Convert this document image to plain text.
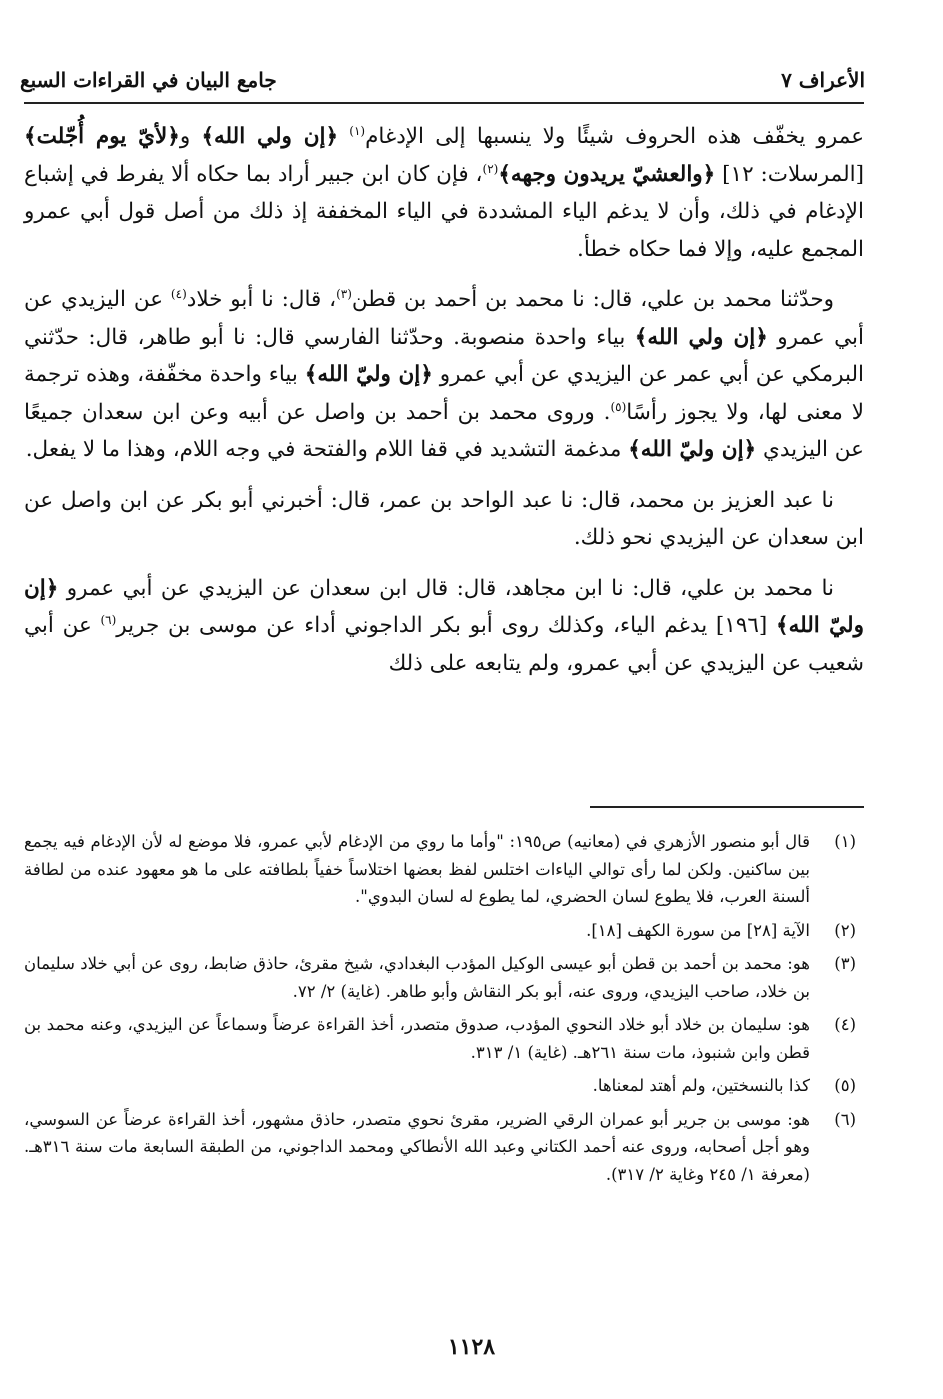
الأعراف ٧
جامع البيان في القراءات السبع

عمرو يخفّف هذه الحروف شيئًا ولا ينسبها إلى الإدغام$^{(١)}$ ﴿إن ولي الله﴾ و﴿لأيّ يوم أُجّلت﴾ [المرسلات: ١٢] ﴿والعشيّ يريدون وجهه﴾$^{(٢)}$، فإن كان ابن جبير أراد بما حكاه ألا يفرط في إشباع الإدغام في ذلك، وأن لا يدغم الياء المشددة في الياء المخففة إذ ذلك من أصل قول أبي عمرو المجمع عليه، وإلا فما حكاه خطأ.

وحدّثنا محمد بن علي، قال: نا محمد بن أحمد بن قطن$^{(٣)}$، قال: نا أبو خلاد$^{(٤)}$ عن اليزيدي عن أبي عمرو ﴿إن ولي الله﴾ بياء واحدة منصوبة. وحدّثنا الفارسي قال: نا أبو طاهر، قال: حدّثني البرمكي عن أبي عمر عن اليزيدي عن أبي عمرو ﴿إن وليّ الله﴾ بياء واحدة مخفّفة، وهذه ترجمة لا معنى لها، ولا يجوز رأسًا$^{(٥)}$. وروى محمد بن أحمد بن واصل عن أبيه وعن ابن سعدان جميعًا عن اليزيدي ﴿إن وليّ الله﴾ مدغمة التشديد في قفا اللام والفتحة في وجه اللام، وهذا ما لا يفعل.

نا عبد العزيز بن محمد، قال: نا عبد الواحد بن عمر، قال: أخبرني أبو بكر عن ابن واصل عن ابن سعدان عن اليزيدي نحو ذلك.

نا محمد بن علي، قال: نا ابن مجاهد، قال: قال ابن سعدان عن اليزيدي عن أبي عمرو ﴿إن وليّ الله﴾ [١٩٦] يدغم الياء، وكذلك روى أبو بكر الداجوني أداء عن موسى بن جرير$^{(٦)}$ عن أبي شعيب عن اليزيدي عن أبي عمرو، ولم يتابعه على ذلك

(١)
قال أبو منصور الأزهري في (معانيه) ص١٩٥: "وأما ما روي من الإدغام لأبي عمرو، فلا موضع له لأن الإدغام فيه يجمع بين ساكنين. ولكن لما رأى توالي الياءات اختلس لفظ بعضها اختلاساً خفياً بلطافته على ما هو معهود عنده من لطافة ألسنة العرب، فلا يطوع لسان الحضري، لما يطوع له لسان البدوي".
(٢)
الآية [٢٨] من سورة الكهف [١٨].
(٣)
هو: محمد بن أحمد بن قطن أبو عيسى الوكيل المؤدب البغدادي، شيخ مقرئ، حاذق ضابط، روى عن أبي خلاد سليمان بن خلاد، صاحب اليزيدي، وروى عنه، أبو بكر النقاش وأبو طاهر. (غاية) ٢/ ٧٢.
(٤)
هو: سليمان بن خلاد أبو خلاد النحوي المؤدب، صدوق متصدر، أخذ القراءة عرضاً وسماعاً عن اليزيدي، وعنه محمد بن قطن وابن شنبوذ، مات سنة ٢٦١هـ. (غاية) ١/ ٣١٣.
(٥)
كذا بالنسختين، ولم أهتد لمعناها.
(٦)
هو: موسى بن جرير أبو عمران الرقي الضرير، مقرئ نحوي متصدر، حاذق مشهور، أخذ القراءة عرضاً عن السوسي، وهو أجل أصحابه، وروى عنه أحمد الكتاني وعبد الله الأنطاكي ومحمد الداجوني، من الطبقة السابعة مات سنة ٣١٦هـ. (معرفة ١/ ٢٤٥ وغاية ٢/ ٣١٧).
١١٢٨
